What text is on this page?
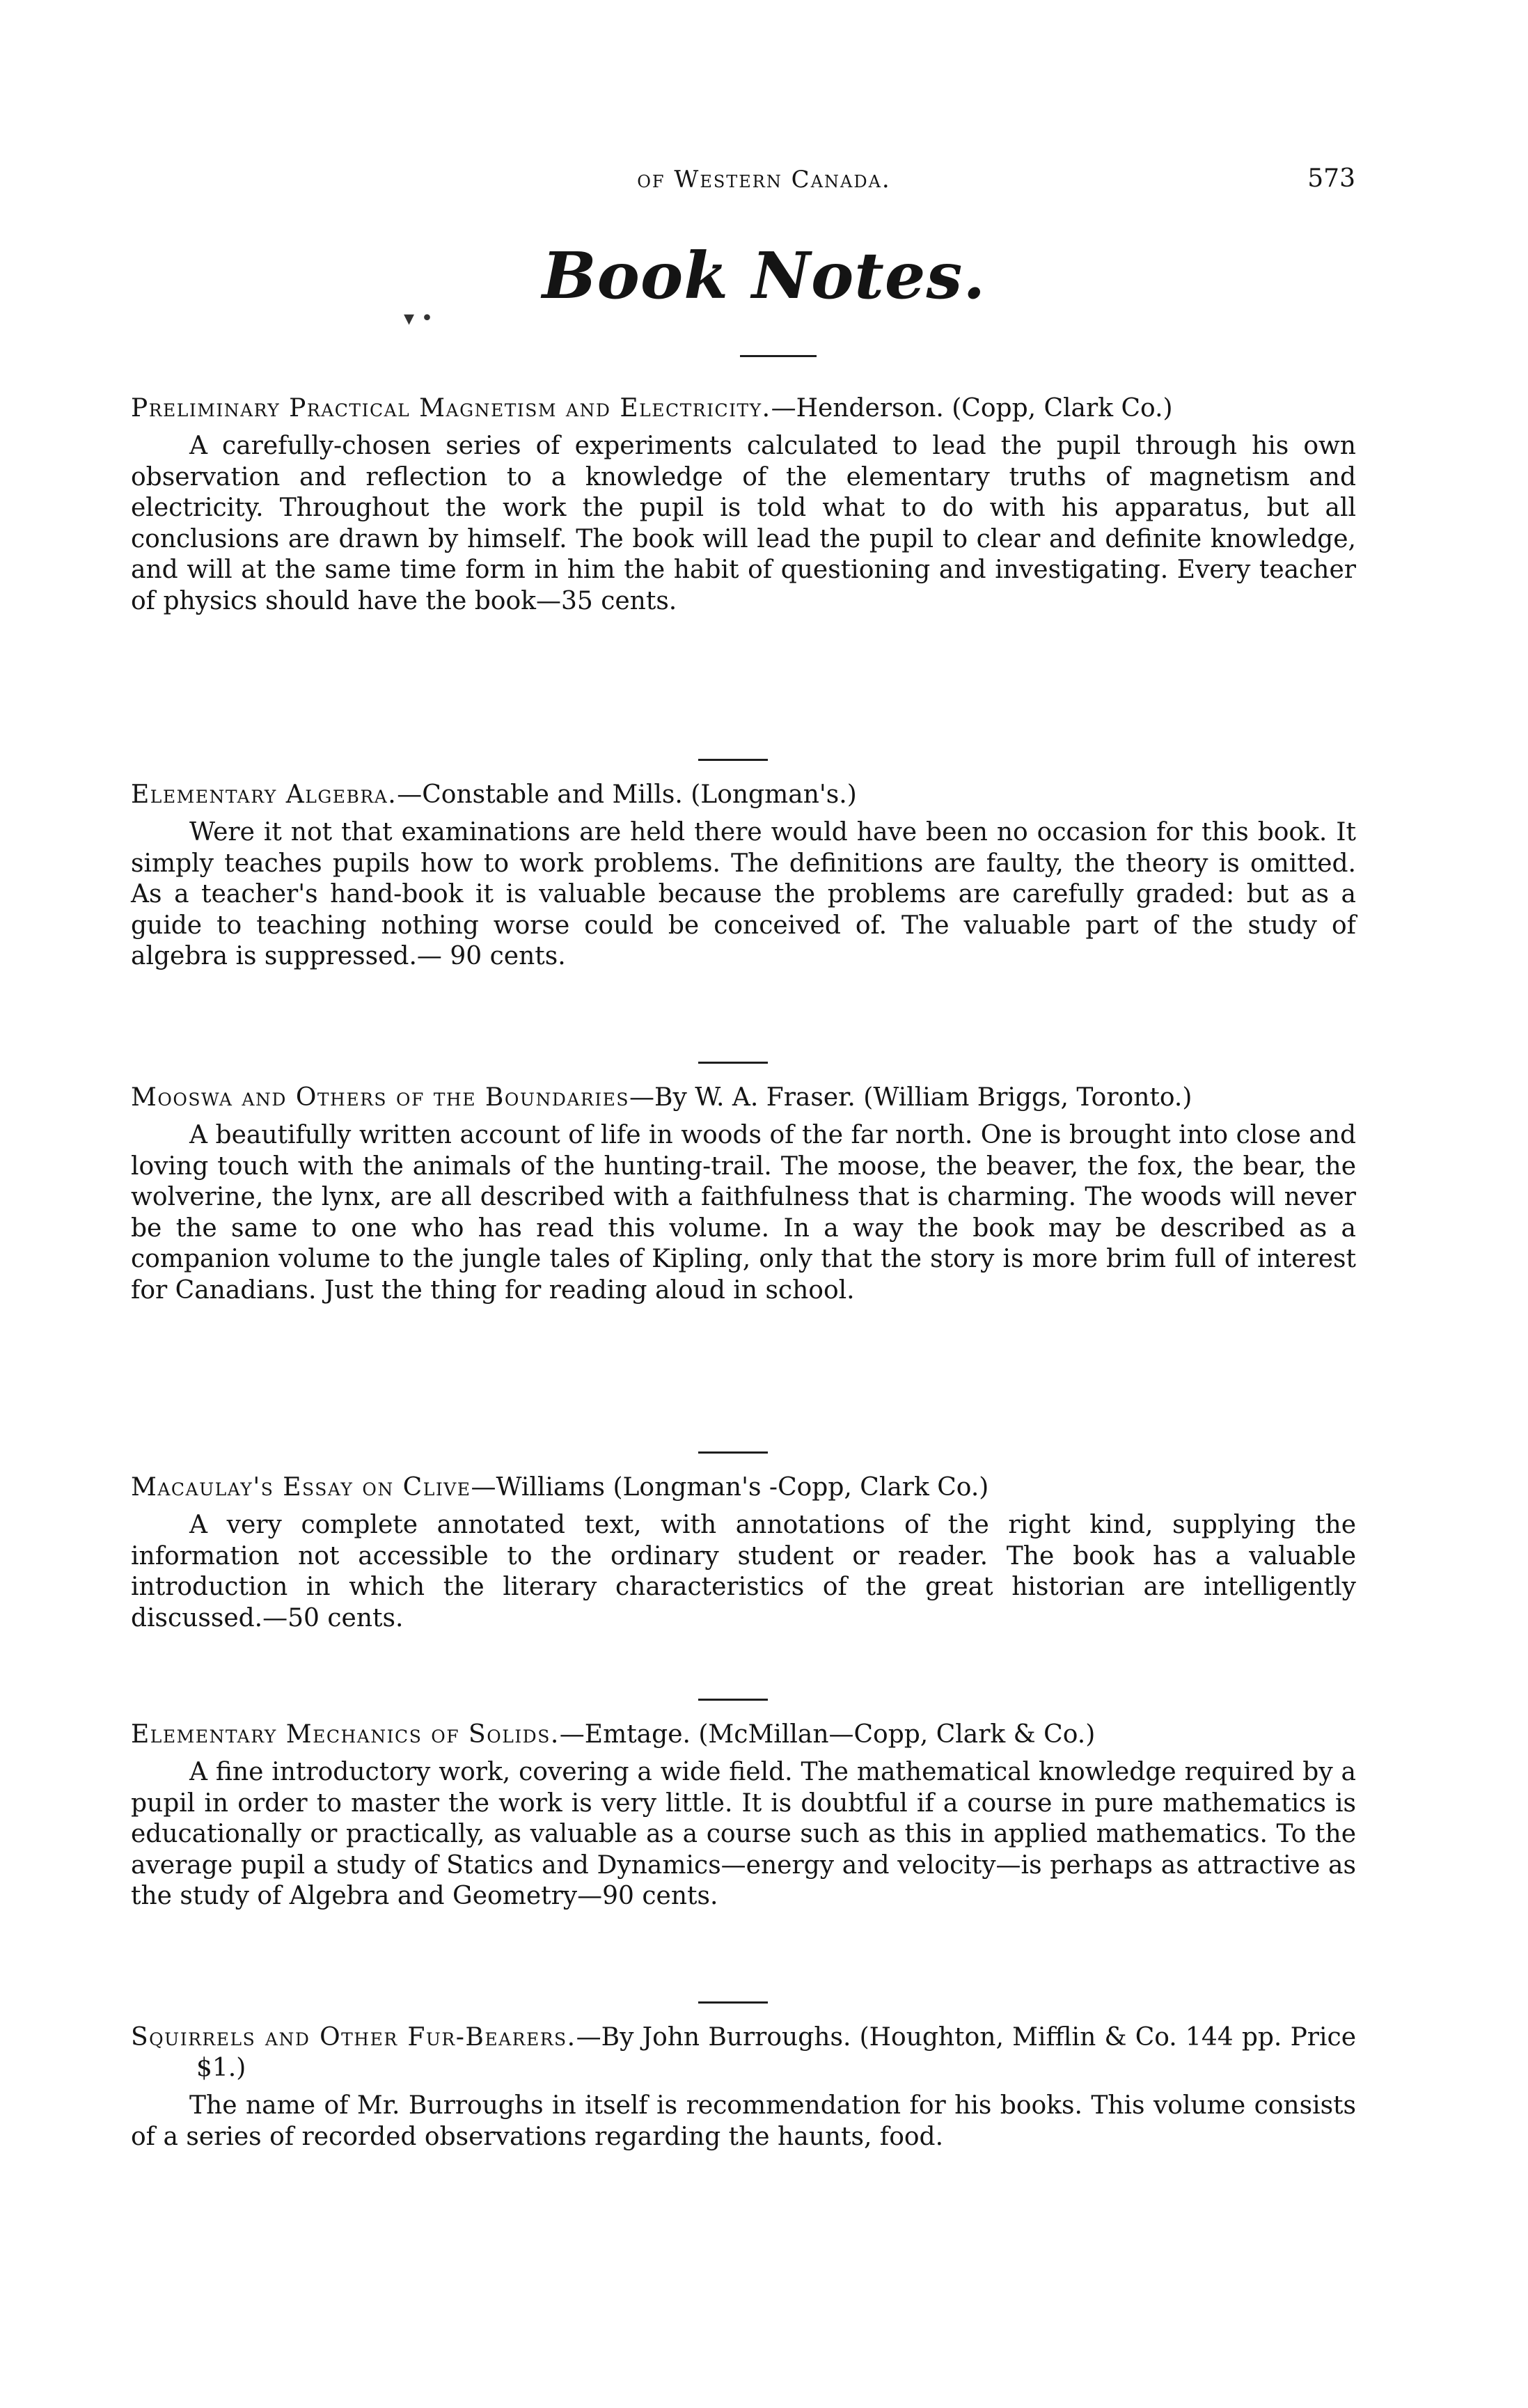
of Western Canada.	573
Book Notes.
▾ •

Preliminary Practical Magnetism and Electricity.—Henderson. (Copp, Clark Co.)

A carefully-chosen series of experiments calculated to lead the pupil through his own observation and reflection to a knowledge of the elementary truths of magnetism and electricity. Throughout the work the pupil is told what to do with his apparatus, but all conclusions are drawn by himself. The book will lead the pupil to clear and definite knowledge, and will at the same time form in him the habit of questioning and investigating. Every teacher of physics should have the book—35 cents.

Elementary Algebra.—Constable and Mills. (Longman's.)

Were it not that examinations are held there would have been no occasion for this book. It simply teaches pupils how to work problems. The definitions are faulty, the theory is omitted. As a teacher's hand-book it is valuable because the problems are carefully graded: but as a guide to teaching nothing worse could be conceived of. The valuable part of the study of algebra is suppressed.— 90 cents.

Mooswa and Others of the Boundaries—By W. A. Fraser. (William Briggs, Toronto.)

A beautifully written account of life in woods of the far north. One is brought into close and loving touch with the animals of the hunting-trail. The moose, the beaver, the fox, the bear, the wolverine, the lynx, are all described with a faithfulness that is charming. The woods will never be the same to one who has read this volume. In a way the book may be described as a companion volume to the jungle tales of Kipling, only that the story is more brim full of interest for Canadians. Just the thing for reading aloud in school.

Macaulay's Essay on Clive—Williams (Longman's -Copp, Clark Co.)

A very complete annotated text, with annotations of the right kind, supplying the information not accessible to the ordinary student or reader. The book has a valuable introduction in which the literary characteristics of the great historian are intelligently discussed.—50 cents.

Elementary Mechanics of Solids.—Emtage. (McMillan—Copp, Clark & Co.)

A fine introductory work, covering a wide field. The mathematical knowledge required by a pupil in order to master the work is very little. It is doubtful if a course in pure mathematics is educationally or practically, as valuable as a course such as this in applied mathematics. To the average pupil a study of Statics and Dynamics—energy and velocity—is perhaps as attractive as the study of Algebra and Geometry—90 cents.

Squirrels and Other Fur-Bearers.—By John Burroughs. (Houghton, Mifflin & Co. 144 pp. Price $1.)

The name of Mr. Burroughs in itself is recommendation for his books. This volume consists of a series of recorded observations regarding the haunts, food.
